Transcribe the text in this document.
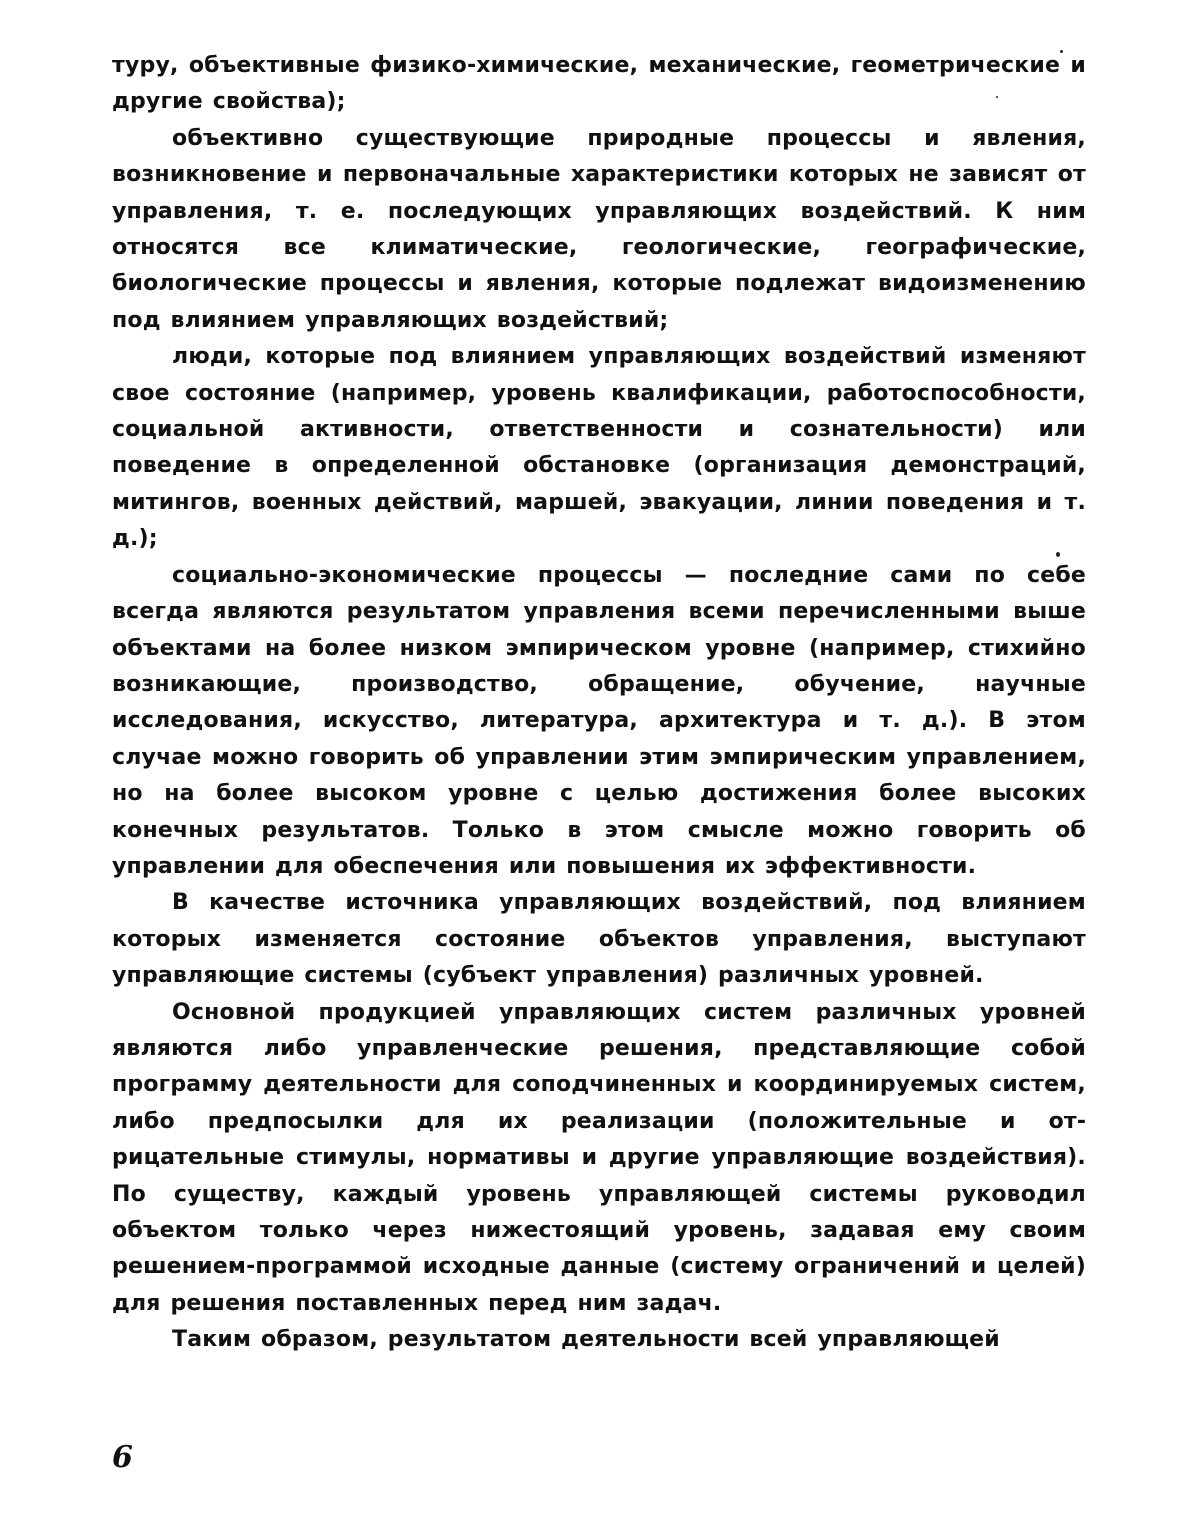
туру, объективные физико-химические, механические, геометрические и другие свойства);

объективно существующие природные процессы и явления, возникновение и первоначальные характеристики которых не зависят от управления, т. е. последующих управляющих воздействий. К ним относятся все климатические, геологические, географические, биологические процессы и явления, которые подлежат видоизменению под влиянием управляющих воздействий;

люди, которые под влиянием управляющих воздействий изменяют свое состояние (например, уровень квалификации, работоспособности, социальной активности, ответственности и сознательности) или поведение в определенной обстановке (организация демонстраций, митингов, военных действий, маршей, эвакуации, линии поведения и т. д.);

социально-экономические процессы — последние сами по себе всегда являются результатом управления всеми перечисленными выше объектами на более низком эмпирическом уровне (например, стихийно возникающие, производство, обращение, обучение, научные исследования, искусство, литература, архитектура и т. д.). В этом случае можно говорить об управлении этим эмпирическим управлением, но на более высоком уровне с целью достижения более высоких конечных результатов. Только в этом смысле можно говорить об управлении для обеспечения или повышения их эффективности.

В качестве источника управляющих воздействий, под влиянием которых изменяется состояние объектов управления, выступают управляющие системы (субъект управления) различных уровней.

Основной продукцией управляющих систем различных уровней являются либо управленческие решения, представляющие собой программу деятельности для соподчиненных и координируемых систем, либо предпосылки для их реализации (положительные и отрицательные стимулы, нормативы и другие управляющие воздействия). По существу, каждый уровень управляющей системы руководил объектом только через нижестоящий уровень, задавая ему своим решением-программой исходные данные (систему ограничений и целей) для решения поставленных перед ним задач.

Таким образом, результатом деятельности всей управляющей

6
